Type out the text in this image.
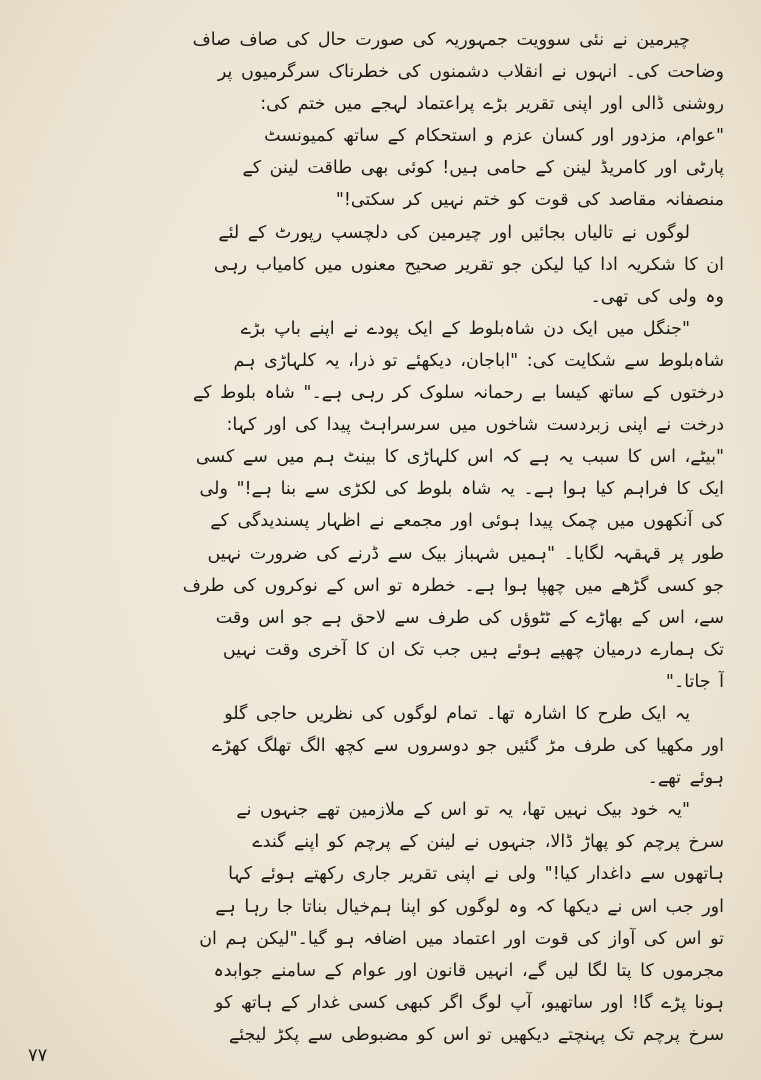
چیرمین نے نئی سوویت جمہوریہ کی صورت حال کی صاف صاف
وضاحت کی۔ انہوں نے انقلاب دشمنوں کی خطرناک سرگرمیوں پر
روشنی ڈالی اور اپنی تقریر بڑے پراعتماد لہجے میں ختم کی:
"عوام، مزدور اور کسان عزم و استحکام کے ساتھ کمیونسٹ
پارٹی اور کامریڈ لینن کے حامی ہیں! کوئی بھی طاقت لینن کے
منصفانہ مقاصد کی قوت کو ختم نہیں کر سکتی!"
لوگوں نے تالیاں بجائیں اور چیرمین کی دلچسپ رپورٹ کے لئے
ان کا شکریہ ادا کیا لیکن جو تقریر صحیح معنوں میں کامیاب رہی
وہ ولی کی تھی۔
"جنگل میں ایک دن شاہ‌بلوط کے ایک پودے نے اپنے باپ بڑے
شاہ‌بلوط سے شکایت کی: "اباجان، دیکھئے تو ذرا، یہ کلہاڑی ہم
درختوں کے ساتھ کیسا بے رحمانہ سلوک کر رہی ہے۔" شاہ بلوط کے
درخت نے اپنی زبردست شاخوں میں سرسراہٹ پیدا کی اور کہا:
"بیٹے، اس کا سبب یہ ہے کہ اس کلہاڑی کا بینٹ ہم میں سے کسی
ایک کا فراہم کیا ہوا ہے۔ یہ شاہ بلوط کی لکڑی سے بنا ہے!" ولی
کی آنکھوں میں چمک پیدا ہوئی اور مجمعے نے اظہار پسندیدگی کے
طور پر قہقہہ لگایا۔ "ہمیں شہباز بیک سے ڈرنے کی ضرورت نہیں
جو کسی گڑھے میں چھپا ہوا ہے۔ خطرہ تو اس کے نوکروں کی طرف
سے، اس کے بھاڑے کے ٹٹوؤں کی طرف سے لاحق ہے جو اس وقت
تک ہمارے درمیان چھپے ہوئے ہیں جب تک ان کا آخری وقت نہیں
آ جاتا۔"
یہ ایک طرح کا اشارہ تھا۔ تمام لوگوں کی نظریں حاجی گلو
اور مکھیا کی طرف مڑ گئیں جو دوسروں سے کچھ الگ تھلگ کھڑے
ہوئے تھے۔
"یہ خود بیک نہیں تھا، یہ تو اس کے ملازمین تھے جنہوں نے
سرخ پرچم کو پھاڑ ڈالا، جنہوں نے لینن کے پرچم کو اپنے گندے
ہاتھوں سے داغدار کیا!" ولی نے اپنی تقریر جاری رکھتے ہوئے کہا
اور جب اس نے دیکھا کہ وہ لوگوں کو اپنا ہم‌خیال بناتا جا رہا ہے
تو اس کی آواز کی قوت اور اعتماد میں اضافہ ہو گیا۔"لیکن ہم ان
مجرموں کا پتا لگا لیں گے، انہیں قانون اور عوام کے سامنے جوابدہ
ہونا پڑے گا! اور ساتھیو، آپ لوگ اگر کبھی کسی غدار کے ہاتھ کو
سرخ پرچم تک پہنچتے دیکھیں تو اس کو مضبوطی سے پکڑ لیجئے
۷۷
